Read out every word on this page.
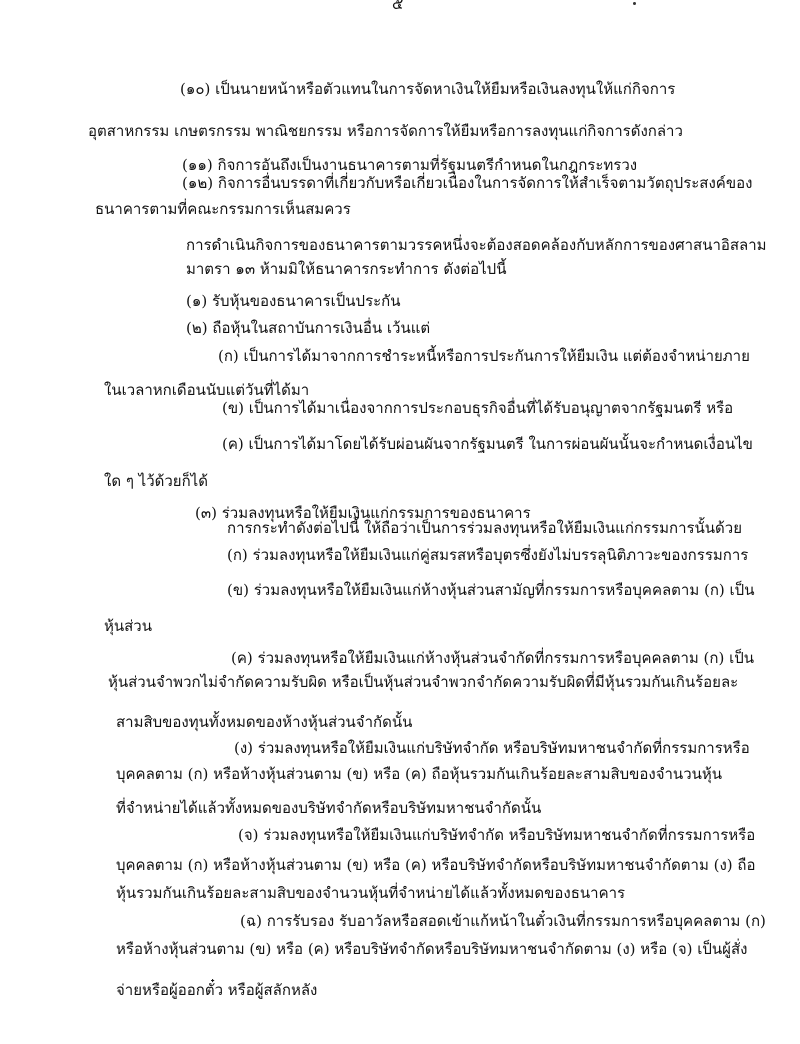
๕
(๑๐) เป็นนายหน้าหรือตัวแทนในการจัดหาเงินให้ยืมหรือเงินลงทุนให้แก่กิจการ
อุตสาหกรรม เกษตรกรรม พาณิชยกรรม หรือการจัดการให้ยืมหรือการลงทุนแก่กิจการดังกล่าว
(๑๑) กิจการอันถึงเป็นงานธนาคารตามที่รัฐมนตรีกำหนดในกฎกระทรวง
(๑๒) กิจการอื่นบรรดาที่เกี่ยวกับหรือเกี่ยวเนื่องในการจัดการให้สำเร็จตามวัตถุประสงค์ของ
ธนาคารตามที่คณะกรรมการเห็นสมควร
การดำเนินกิจการของธนาคารตามวรรคหนึ่งจะต้องสอดคล้องกับหลักการของศาสนาอิสลาม
มาตรา ๑๓ ห้ามมิให้ธนาคารกระทำการ ดังต่อไปนี้
(๑) รับหุ้นของธนาคารเป็นประกัน
(๒) ถือหุ้นในสถาบันการเงินอื่น เว้นแต่
(ก) เป็นการได้มาจากการชำระหนี้หรือการประกันการให้ยืมเงิน แต่ต้องจำหน่ายภาย
ในเวลาหกเดือนนับแต่วันที่ได้มา
(ข) เป็นการได้มาเนื่องจากการประกอบธุรกิจอื่นที่ได้รับอนุญาตจากรัฐมนตรี หรือ
(ค) เป็นการได้มาโดยได้รับผ่อนผันจากรัฐมนตรี ในการผ่อนผันนั้นจะกำหนดเงื่อนไข
ใด ๆ ไว้ด้วยก็ได้
(๓) ร่วมลงทุนหรือให้ยืมเงินแก่กรรมการของธนาคาร
การกระทำดังต่อไปนี้ ให้ถือว่าเป็นการร่วมลงทุนหรือให้ยืมเงินแก่กรรมการนั้นด้วย
(ก) ร่วมลงทุนหรือให้ยืมเงินแก่คู่สมรสหรือบุตรซึ่งยังไม่บรรลุนิติภาวะของกรรมการ
(ข) ร่วมลงทุนหรือให้ยืมเงินแก่ห้างหุ้นส่วนสามัญที่กรรมการหรือบุคคลตาม (ก) เป็น
หุ้นส่วน
(ค) ร่วมลงทุนหรือให้ยืมเงินแก่ห้างหุ้นส่วนจำกัดที่กรรมการหรือบุคคลตาม (ก) เป็น
หุ้นส่วนจำพวกไม่จำกัดความรับผิด หรือเป็นหุ้นส่วนจำพวกจำกัดความรับผิดที่มีหุ้นรวมกันเกินร้อยละ
สามสิบของทุนทั้งหมดของห้างหุ้นส่วนจำกัดนั้น
(ง) ร่วมลงทุนหรือให้ยืมเงินแก่บริษัทจำกัด หรือบริษัทมหาชนจำกัดที่กรรมการหรือ
บุคคลตาม (ก) หรือห้างหุ้นส่วนตาม (ข) หรือ (ค) ถือหุ้นรวมกันเกินร้อยละสามสิบของจำนวนหุ้น
ที่จำหน่ายได้แล้วทั้งหมดของบริษัทจำกัดหรือบริษัทมหาชนจำกัดนั้น
(จ) ร่วมลงทุนหรือให้ยืมเงินแก่บริษัทจำกัด หรือบริษัทมหาชนจำกัดที่กรรมการหรือ
บุคคลตาม (ก) หรือห้างหุ้นส่วนตาม (ข) หรือ (ค) หรือบริษัทจำกัดหรือบริษัทมหาชนจำกัดตาม (ง) ถือ
หุ้นรวมกันเกินร้อยละสามสิบของจำนวนหุ้นที่จำหน่ายได้แล้วทั้งหมดของธนาคาร
(ฉ) การรับรอง รับอาวัลหรือสอดเข้าแก้หน้าในตั๋วเงินที่กรรมการหรือบุคคลตาม (ก)
หรือห้างหุ้นส่วนตาม (ข) หรือ (ค) หรือบริษัทจำกัดหรือบริษัทมหาชนจำกัดตาม (ง) หรือ (จ) เป็นผู้สั่ง
จ่ายหรือผู้ออกตั๋ว หรือผู้สลักหลัง
